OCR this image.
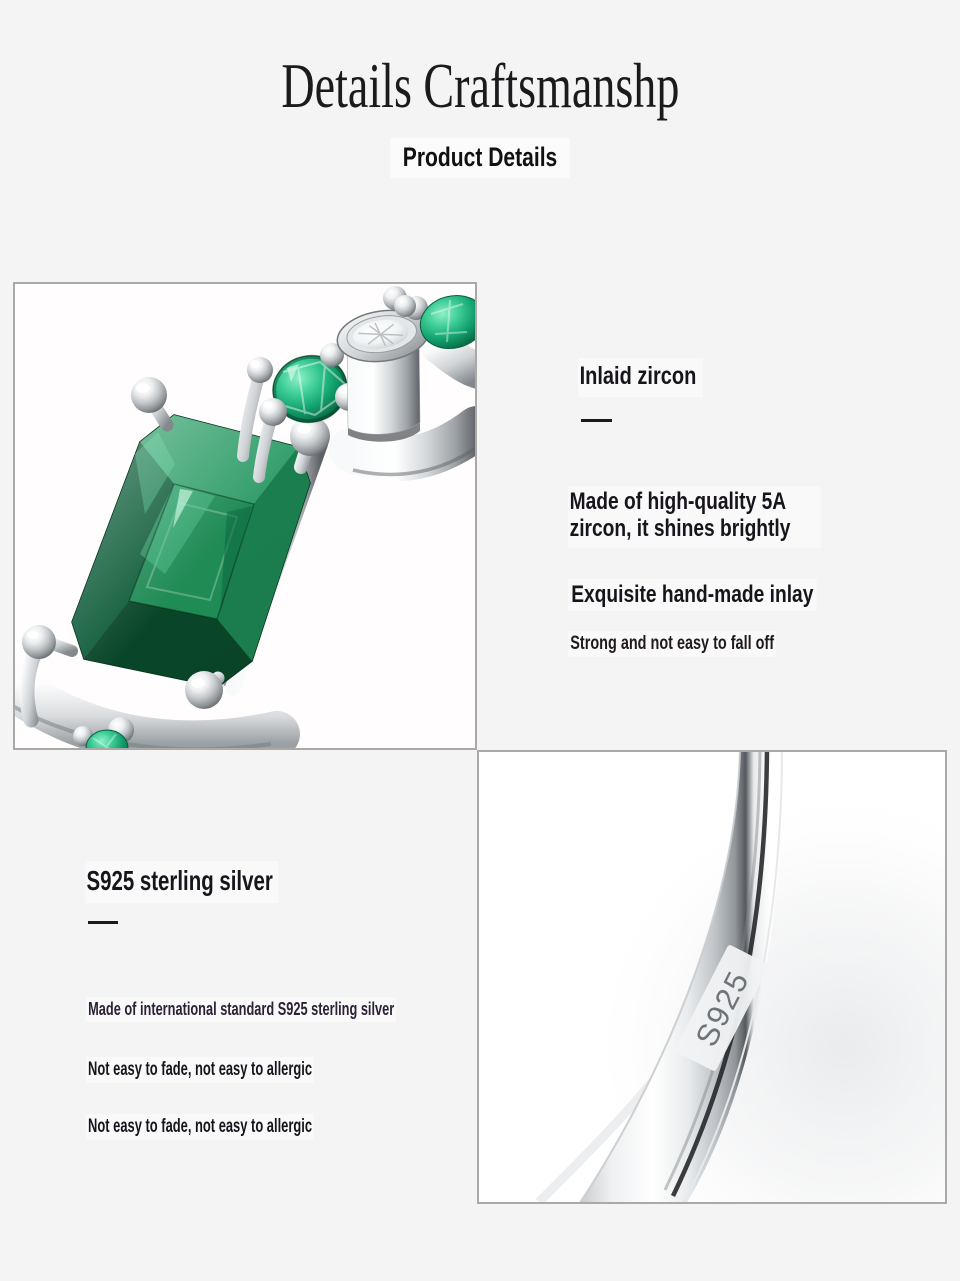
Details Craftsmanshp
Product Details
Inlaid zircon
Made of high-quality 5A zircon, it shines brightly
Exquisite hand-made inlay
Strong and not easy to fall off
S925 sterling silver
Made of international standard S925 sterling silver
Not easy to fade, not easy to allergic
Not easy to fade, not easy to allergic
S925
